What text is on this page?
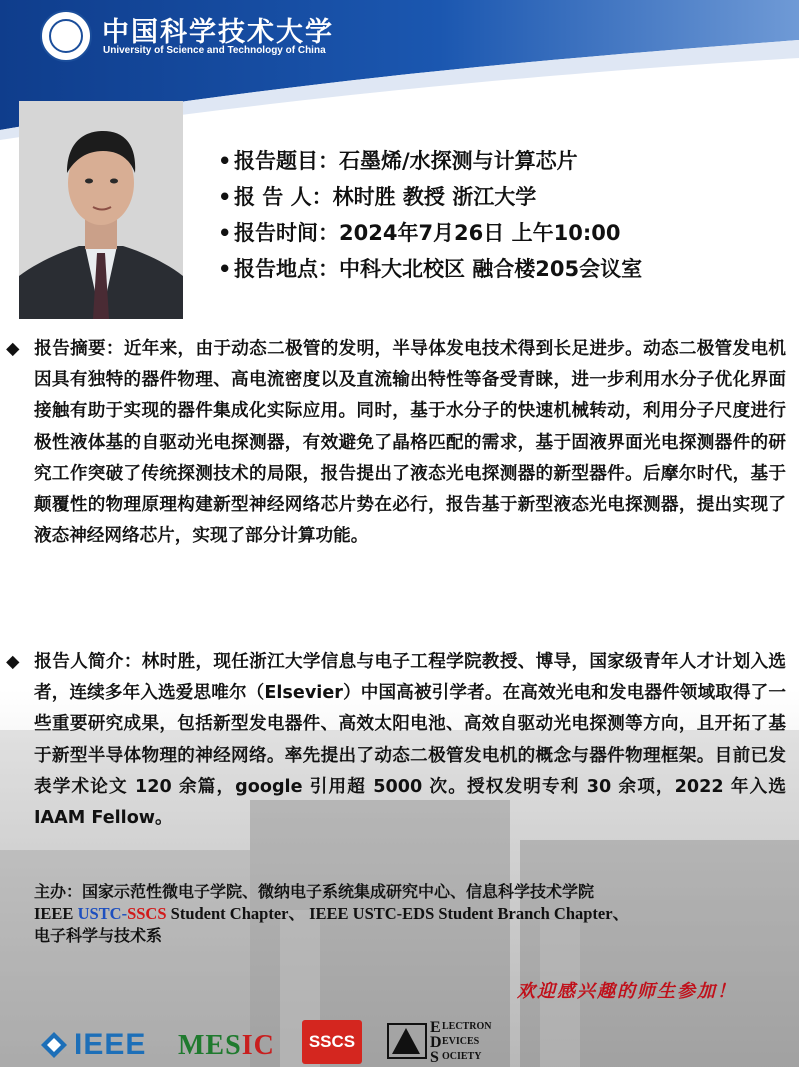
中国科学技术大学
University of Science and Technology of China
• 报告题目：石墨烯/水探测与计算芯片
• 报 告 人：林时胜 教授 浙江大学
• 报告时间：2024年7月26日 上午10:00
• 报告地点：中科大北校区 融合楼205会议室

◆ 报告摘要：近年来，由于动态二极管的发明，半导体发电技术得到长足进步。动态二极管发电机因具有独特的器件物理、高电流密度以及直流输出特性等备受青睐，进一步利用水分子优化界面接触有助于实现的器件集成化实际应用。同时，基于水分子的快速机械转动，利用分子尺度进行极性液体基的自驱动光电探测器，有效避免了晶格匹配的需求，基于固液界面光电探测器件的研究工作突破了传统探测技术的局限，报告提出了液态光电探测器的新型器件。后摩尔时代，基于颠覆性的物理原理构建新型神经网络芯片势在必行，报告基于新型液态光电探测器，提出实现了液态神经网络芯片，实现了部分计算功能。

◆ 报告人简介：林时胜，现任浙江大学信息与电子工程学院教授、博导，国家级青年人才计划入选者，连续多年入选爱思唯尔（Elsevier）中国高被引学者。在高效光电和发电器件领域取得了一些重要研究成果，包括新型发电器件、高效太阳电池、高效自驱动光电探测等方向，且开拓了基于新型半导体物理的神经网络。率先提出了动态二极管发电机的概念与器件物理框架。目前已发表学术论文 120 余篇，google 引用超 5000 次。授权发明专利 30 余项，2022 年入选 IAAM Fellow。

主办：国家示范性微电子学院、微纳电子系统集成研究中心、信息科学技术学院
IEEE USTC-SSCS Student Chapter、 IEEE USTC-EDS Student Branch Chapter、
电子科学与技术系
欢迎感兴趣的师生参加！
IEEE MESIC	SSCS
E
D
S
LECTRON
EVICES
OCIETY
